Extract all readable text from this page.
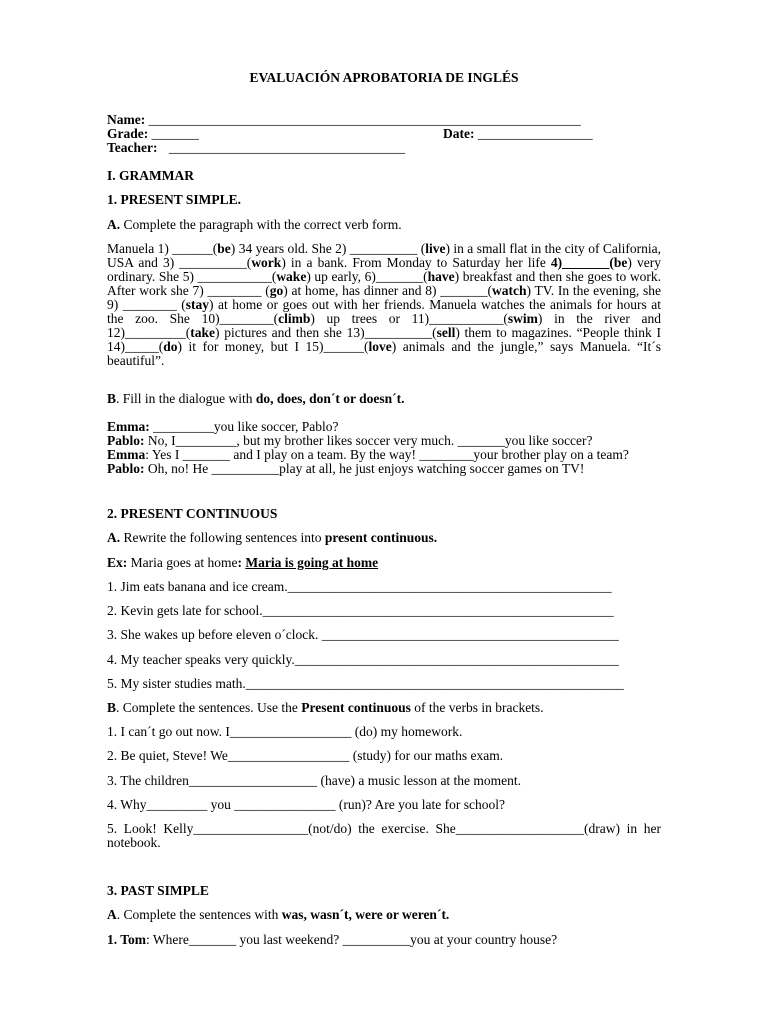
EVALUACIÓN APROBATORIA DE INGLÉS
Name: ________________________________________________________________
Grade: _______	Date: _________________
Teacher: ___________________________________
I. GRAMMAR
1. PRESENT SIMPLE.
A. Complete the paragraph with the correct verb form.
Manuela 1) ______(be) 34 years old. She 2) __________ (live) in a small flat in the city of California, USA and 3) __________(work) in a bank. From Monday to Saturday her life 4)_______(be) very ordinary. She 5) ___________(wake) up early, 6)_______(have) breakfast and then she goes to work. After work she 7) ________ (go) at home, has dinner and 8) _______(watch) TV. In the evening, she 9) ________ (stay) at home or goes out with her friends. Manuela watches the animals for hours at the zoo. She 10)________(climb) up trees or 11)___________(swim) in the river and 12)_________(take) pictures and then she 13)__________(sell) them to magazines. “People think I 14)_____(do) it for money, but I 15)______(love) animals and the jungle,” says Manuela. “It´s beautiful”.
B. Fill in the dialogue with do, does, don´t or doesn´t.
Emma: _________you like soccer, Pablo?
Pablo: No, I_________, but my brother likes soccer very much. _______you like soccer?
Emma: Yes I _______ and I play on a team. By the way! ________your brother play on a team?
Pablo: Oh, no! He __________play at all, he just enjoys watching soccer games on TV!
2. PRESENT CONTINUOUS
A. Rewrite the following sentences into present continuous.
Ex: Maria goes at home: Maria is going at home
1. Jim eats banana and ice cream.________________________________________________
2. Kevin gets late for school.____________________________________________________
3. She wakes up before eleven o´clock. ____________________________________________
4. My teacher speaks very quickly.________________________________________________
5. My sister studies math.________________________________________________________
B. Complete the sentences. Use the Present continuous of the verbs in brackets.
1. I can´t go out now. I__________________ (do) my homework.
2. Be quiet, Steve! We__________________ (study) for our maths exam.
3. The children___________________ (have) a music lesson at the moment.
4. Why_________ you _______________ (run)? Are you late for school?
5. Look! Kelly_________________(not/do) the exercise. She___________________(draw) in her notebook.
3. PAST SIMPLE
A. Complete the sentences with was, wasn´t, were or weren´t.
1. Tom: Where_______ you last weekend? __________you at your country house?
